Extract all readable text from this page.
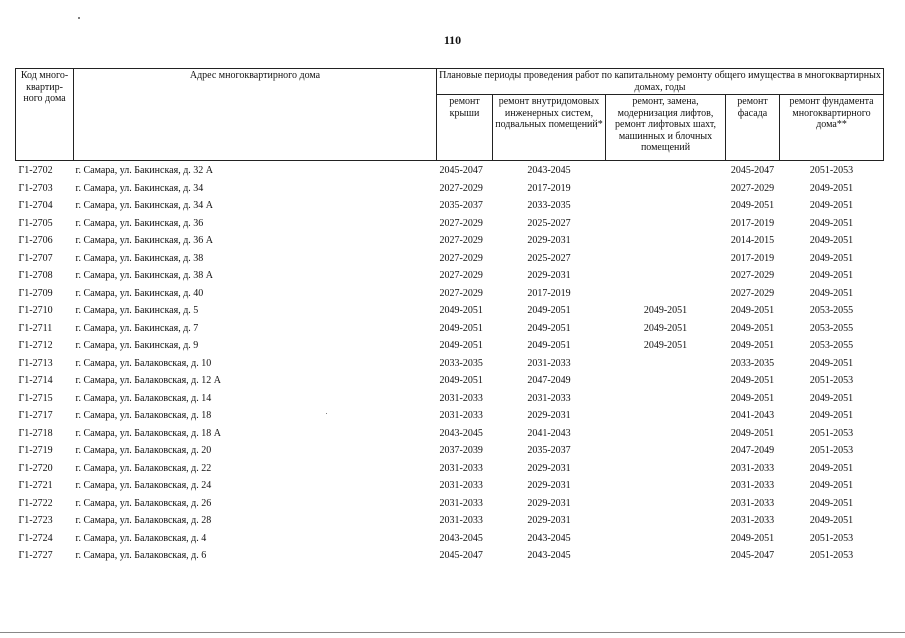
110
Код много-квартир-ного дома	Адрес многоквартирного дома	Плановые периоды проведения работ по капитальному ремонту общего имущества в многоквартирных домах, годы				
		ремонт крыши	ремонт внутридомовых инженерных систем, подвальных помещений*	ремонт, замена, модернизация лифтов, ремонт лифтовых шахт, машинных и блочных помещений	ремонт фасада	ремонт фундамента многоквартирного дома**
Г1-2702	г. Самара, ул. Бакинская, д. 32 А	2045-2047	2043-2045		2045-2047	2051-2053
Г1-2703	г. Самара, ул. Бакинская, д. 34	2027-2029	2017-2019		2027-2029	2049-2051
Г1-2704	г. Самара, ул. Бакинская, д. 34 А	2035-2037	2033-2035		2049-2051	2049-2051
Г1-2705	г. Самара, ул. Бакинская, д. 36	2027-2029	2025-2027		2017-2019	2049-2051
Г1-2706	г. Самара, ул. Бакинская, д. 36 А	2027-2029	2029-2031		2014-2015	2049-2051
Г1-2707	г. Самара, ул. Бакинская, д. 38	2027-2029	2025-2027		2017-2019	2049-2051
Г1-2708	г. Самара, ул. Бакинская, д. 38 А	2027-2029	2029-2031		2027-2029	2049-2051
Г1-2709	г. Самара, ул. Бакинская, д. 40	2027-2029	2017-2019		2027-2029	2049-2051
Г1-2710	г. Самара, ул. Бакинская, д. 5	2049-2051	2049-2051	2049-2051	2049-2051	2053-2055
Г1-2711	г. Самара, ул. Бакинская, д. 7	2049-2051	2049-2051	2049-2051	2049-2051	2053-2055
Г1-2712	г. Самара, ул. Бакинская, д. 9	2049-2051	2049-2051	2049-2051	2049-2051	2053-2055
Г1-2713	г. Самара, ул. Балаковская, д. 10	2033-2035	2031-2033		2033-2035	2049-2051
Г1-2714	г. Самара, ул. Балаковская, д. 12 А	2049-2051	2047-2049		2049-2051	2051-2053
Г1-2715	г. Самара, ул. Балаковская, д. 14	2031-2033	2031-2033		2049-2051	2049-2051
Г1-2717	г. Самара, ул. Балаковская, д. 18	2031-2033	2029-2031		2041-2043	2049-2051
Г1-2718	г. Самара, ул. Балаковская, д. 18 А	2043-2045	2041-2043		2049-2051	2051-2053
Г1-2719	г. Самара, ул. Балаковская, д. 20	2037-2039	2035-2037		2047-2049	2051-2053
Г1-2720	г. Самара, ул. Балаковская, д. 22	2031-2033	2029-2031		2031-2033	2049-2051
Г1-2721	г. Самара, ул. Балаковская, д. 24	2031-2033	2029-2031		2031-2033	2049-2051
Г1-2722	г. Самара, ул. Балаковская, д. 26	2031-2033	2029-2031		2031-2033	2049-2051
Г1-2723	г. Самара, ул. Балаковская, д. 28	2031-2033	2029-2031		2031-2033	2049-2051
Г1-2724	г. Самара, ул. Балаковская, д. 4	2043-2045	2043-2045		2049-2051	2051-2053
Г1-2727	г. Самара, ул. Балаковская, д. 6	2045-2047	2043-2045		2045-2047	2051-2053
